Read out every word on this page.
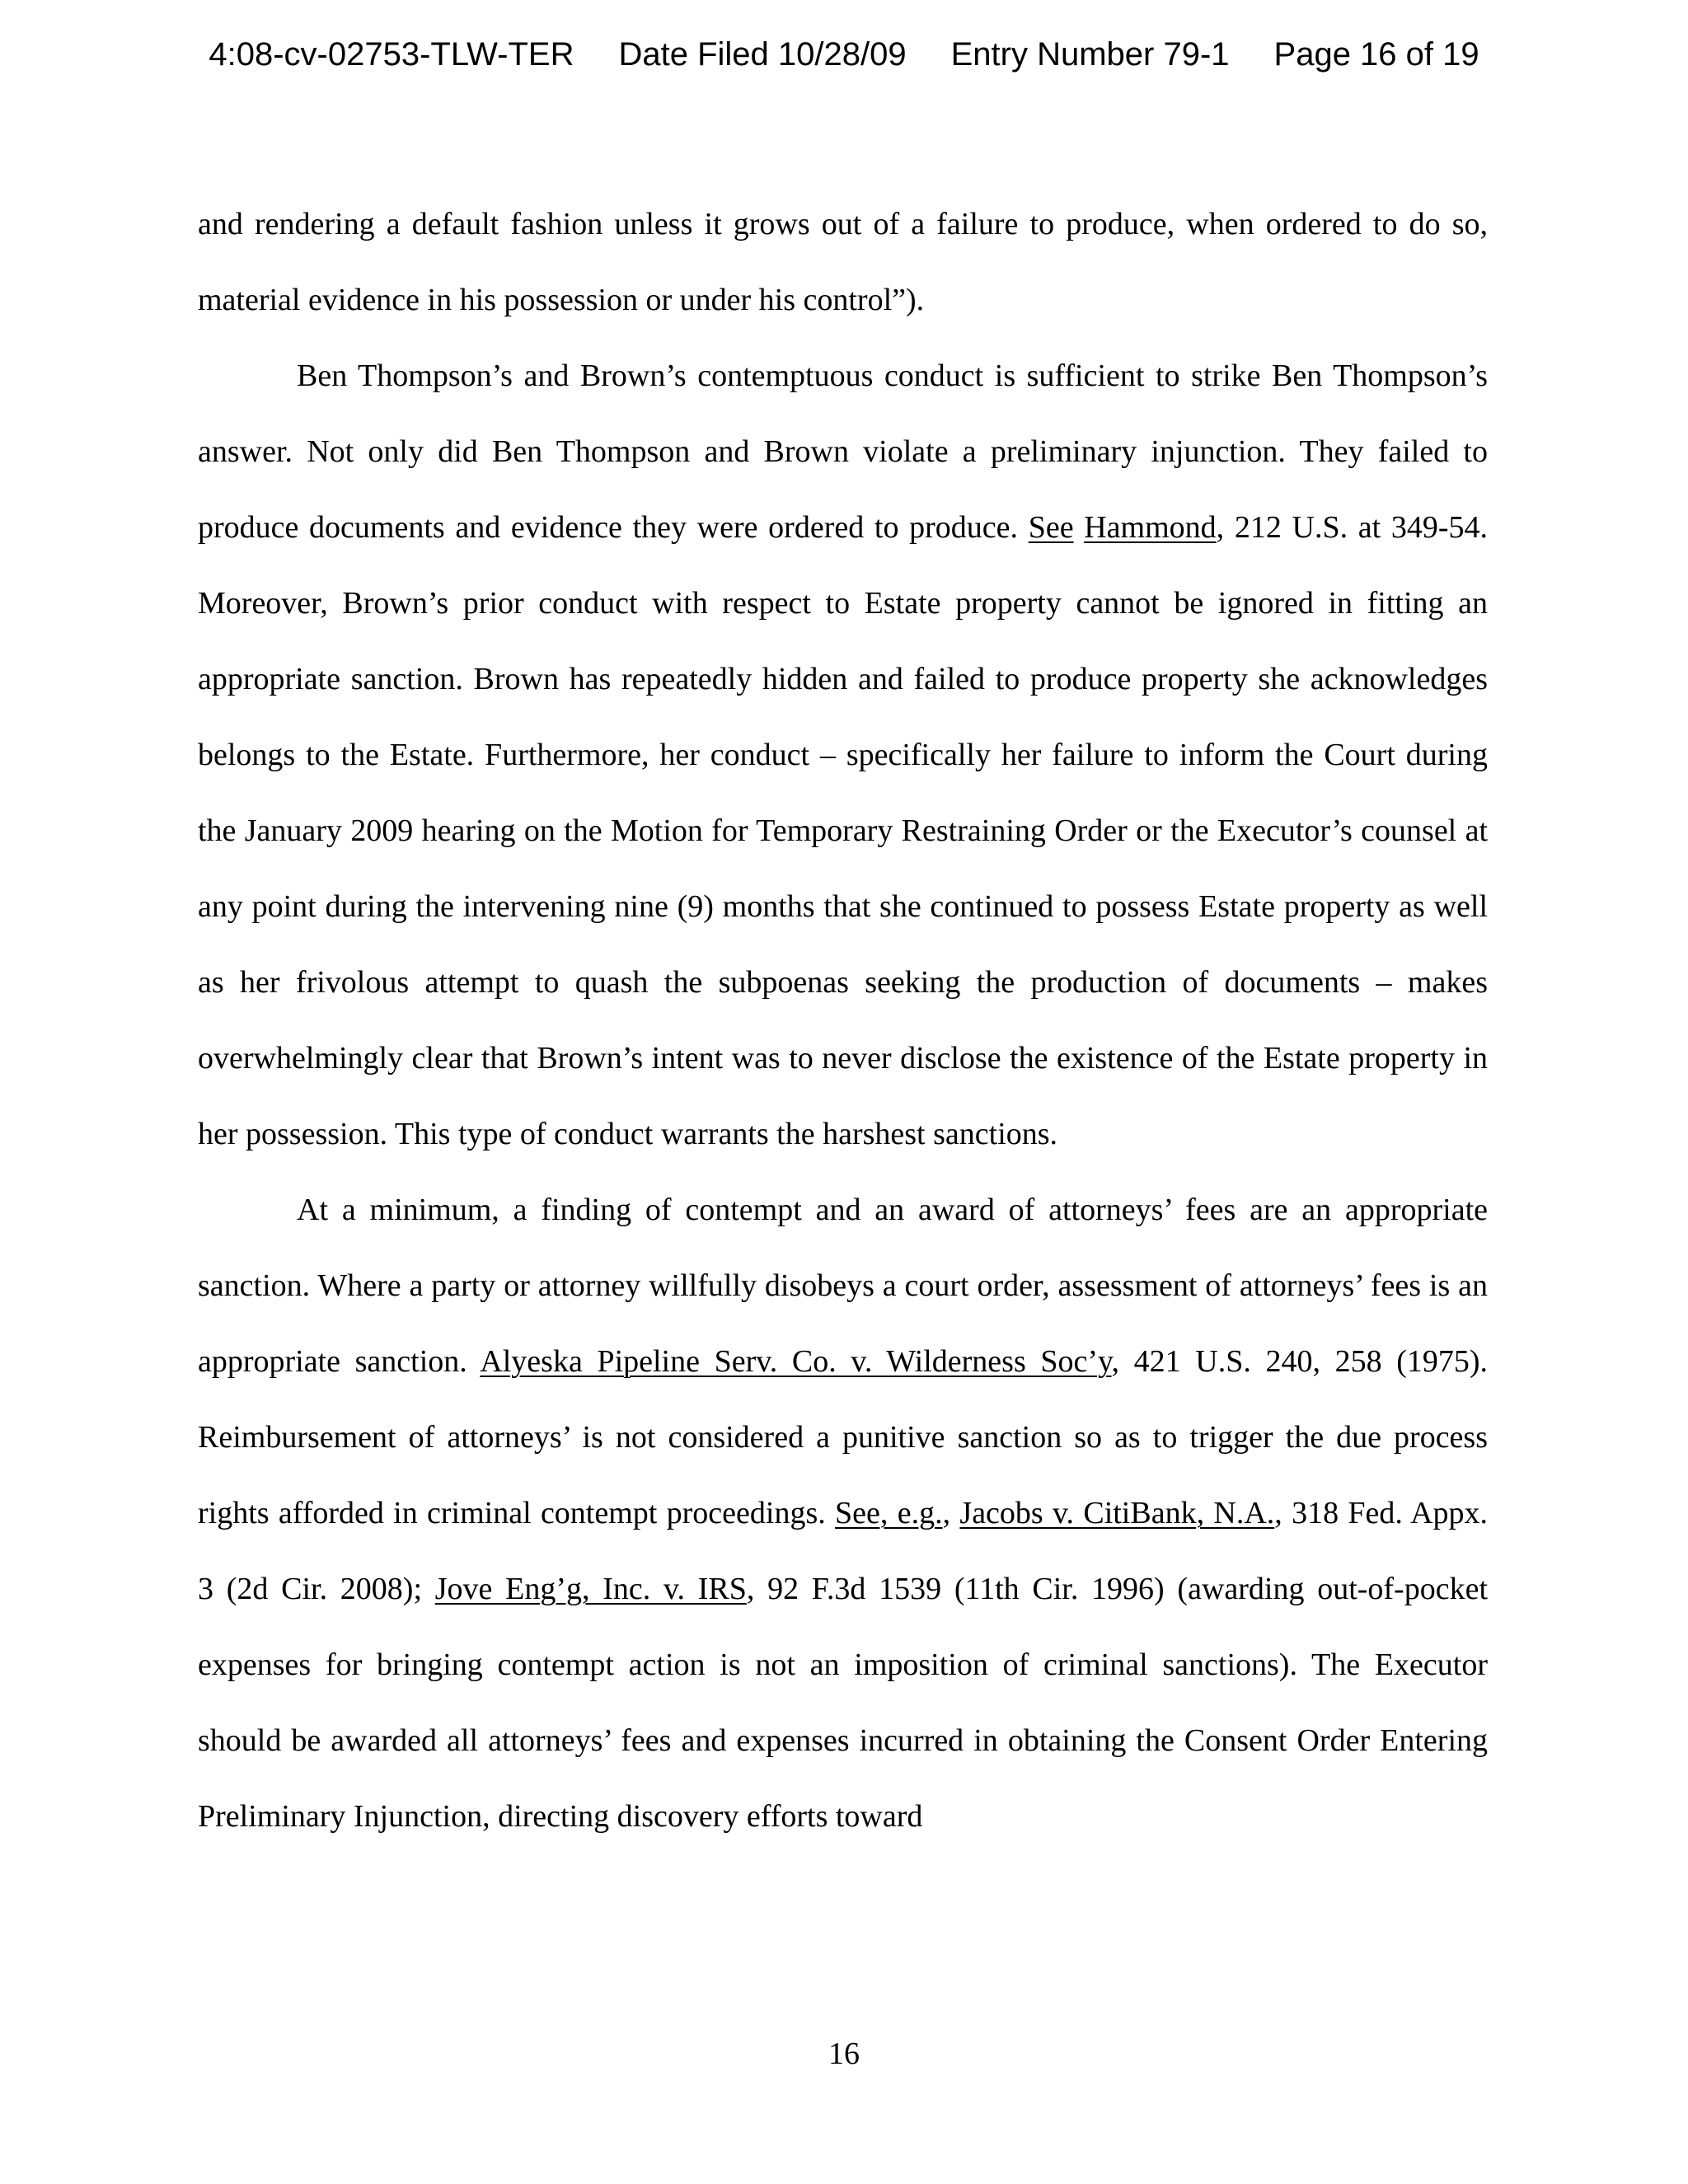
4:08-cv-02753-TLW-TER Date Filed 10/28/09 Entry Number 79-1 Page 16 of 19

and rendering a default fashion unless it grows out of a failure to produce, when ordered to do so, material evidence in his possession or under his control”).

Ben Thompson’s and Brown’s contemptuous conduct is sufficient to strike Ben Thompson’s answer. Not only did Ben Thompson and Brown violate a preliminary injunction. They failed to produce documents and evidence they were ordered to produce. See Hammond, 212 U.S. at 349-54. Moreover, Brown’s prior conduct with respect to Estate property cannot be ignored in fitting an appropriate sanction. Brown has repeatedly hidden and failed to produce property she acknowledges belongs to the Estate. Furthermore, her conduct – specifically her failure to inform the Court during the January 2009 hearing on the Motion for Temporary Restraining Order or the Executor’s counsel at any point during the intervening nine (9) months that she continued to possess Estate property as well as her frivolous attempt to quash the subpoenas seeking the production of documents – makes overwhelmingly clear that Brown’s intent was to never disclose the existence of the Estate property in her possession. This type of conduct warrants the harshest sanctions.

At a minimum, a finding of contempt and an award of attorneys’ fees are an appropriate sanction. Where a party or attorney willfully disobeys a court order, assessment of attorneys’ fees is an appropriate sanction. Alyeska Pipeline Serv. Co. v. Wilderness Soc’y, 421 U.S. 240, 258 (1975). Reimbursement of attorneys’ is not considered a punitive sanction so as to trigger the due process rights afforded in criminal contempt proceedings. See, e.g., Jacobs v. CitiBank, N.A., 318 Fed. Appx. 3 (2d Cir. 2008); Jove Eng’g, Inc. v. IRS, 92 F.3d 1539 (11th Cir. 1996) (awarding out-of-pocket expenses for bringing contempt action is not an imposition of criminal sanctions). The Executor should be awarded all attorneys’ fees and expenses incurred in obtaining the Consent Order Entering Preliminary Injunction, directing discovery efforts toward

16
